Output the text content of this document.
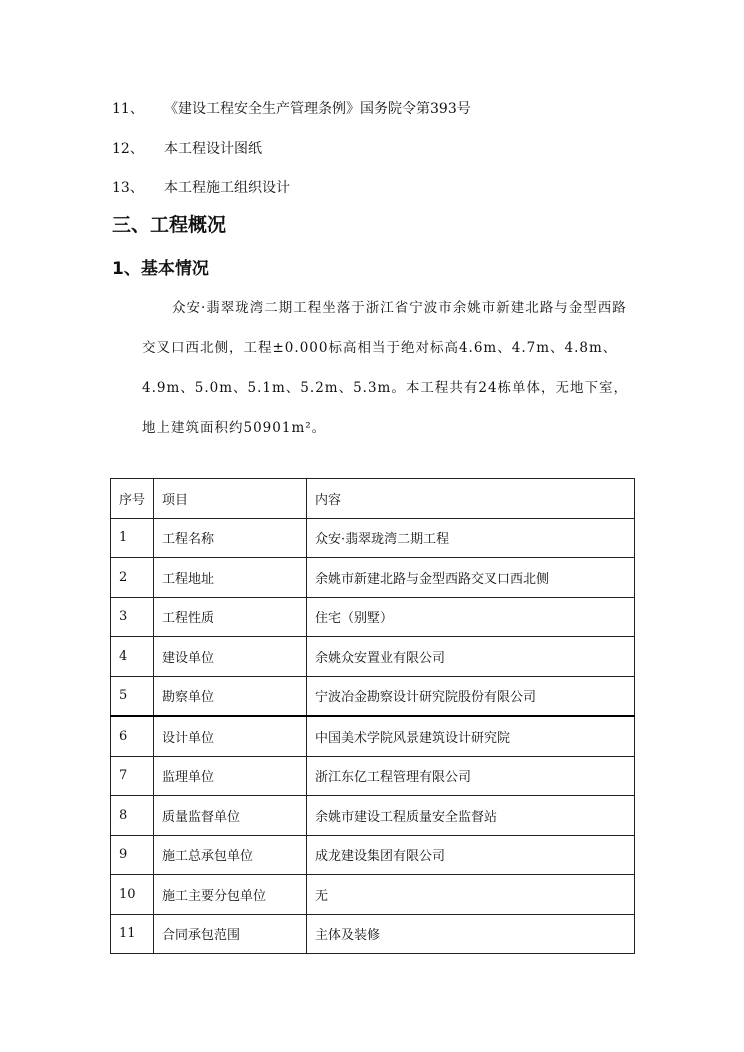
11、 《建设工程安全生产管理条例》国务院令第393号
12、 本工程设计图纸
13、 本工程施工组织设计
三、工程概况
1、基本情况
众安·翡翠珑湾二期工程坐落于浙江省宁波市余姚市新建北路与金型西路交叉口西北侧，工程±0.000标高相当于绝对标高4.6m、4.7m、4.8m、4.9m、5.0m、5.1m、5.2m、5.3m。本工程共有24栋单体，无地下室，地上建筑面积约50901m²。
序号	项目	内容
1	工程名称	众安·翡翠珑湾二期工程
2	工程地址	余姚市新建北路与金型西路交叉口西北侧
3	工程性质	住宅（别墅）
4	建设单位	余姚众安置业有限公司
5	勘察单位	宁波冶金勘察设计研究院股份有限公司
6	设计单位	中国美术学院风景建筑设计研究院
7	监理单位	浙江东亿工程管理有限公司
8	质量监督单位	余姚市建设工程质量安全监督站
9	施工总承包单位	成龙建设集团有限公司
10	施工主要分包单位	无
11	合同承包范围	主体及装修
